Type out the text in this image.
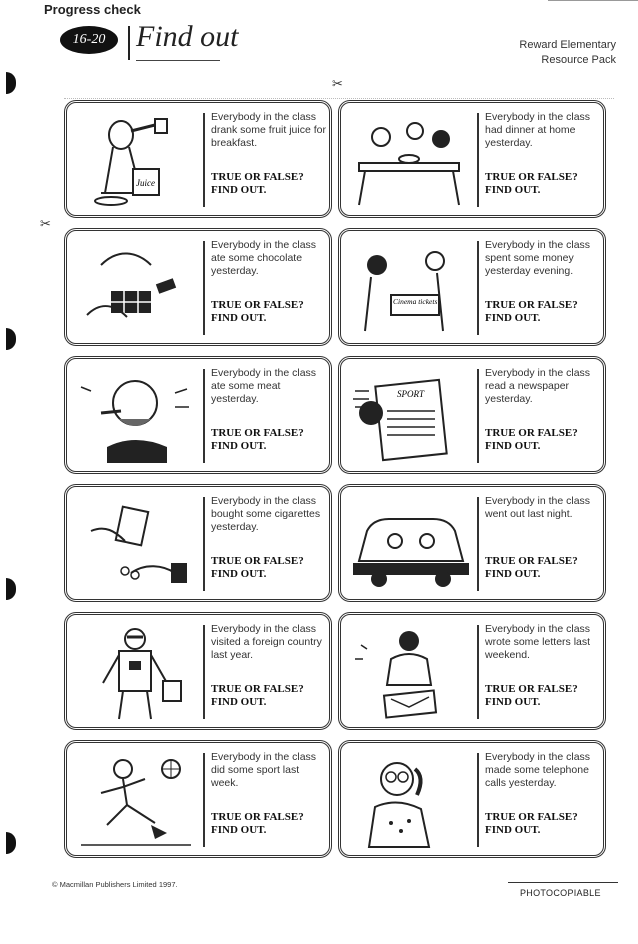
Progress check
16-20	Find out	Reward Elementary
Resource Pack
✂
✂
Juice
Everybody in the class drank some fruit juice for breakfast.
TRUE OR FALSE?
FIND OUT.
Everybody in the class had dinner at home yesterday.
TRUE OR FALSE?
FIND OUT.
Everybody in the class ate some chocolate yesterday.
TRUE OR FALSE?
FIND OUT.
Cinema tickets
Everybody in the class spent some money yesterday evening.
TRUE OR FALSE?
FIND OUT.
Everybody in the class ate some meat yesterday.
TRUE OR FALSE?
FIND OUT.
SPORT
Everybody in the class read a newspaper yesterday.
TRUE OR FALSE?
FIND OUT.
Everybody in the class bought some cigarettes yesterday.
TRUE OR FALSE?
FIND OUT.
Everybody in the class went out last night.
TRUE OR FALSE?
FIND OUT.
Everybody in the class visited a foreign country last year.
TRUE OR FALSE?
FIND OUT.
Everybody in the class wrote some letters last weekend.
TRUE OR FALSE?
FIND OUT.
Everybody in the class did some sport last week.
TRUE OR FALSE?
FIND OUT.
Everybody in the class made some telephone calls yesterday.
TRUE OR FALSE?
FIND OUT.
© Macmillan Publishers Limited 1997.
PHOTOCOPIABLE
